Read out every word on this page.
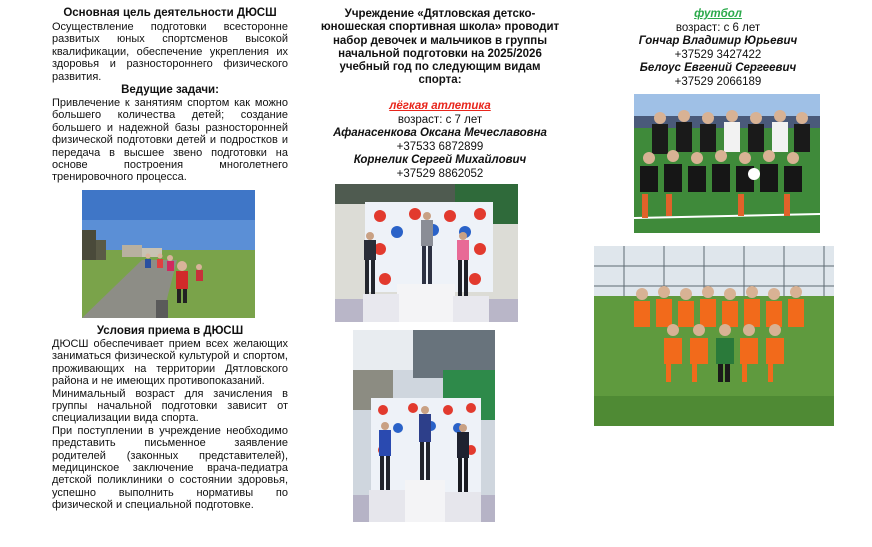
Основная цель деятельности ДЮСШ
Осуществление подготовки всесторонне развитых юных спортсменов высокой квалификации, обеспечение укрепления их здоровья и разностороннего физического развития.
Ведущие задачи:
Привлечение к занятиям спортом как можно большего количества детей; создание большего и надежной базы разносторонней физической подготовки детей и подростков и передача в высшее звено подготовки на основе построения многолетнего тренировочного процесса.
Условия приема в ДЮСШ
ДЮСШ обеспечивает прием всех желающих заниматься физической культурой и спортом, проживающих на территории Дятловского района и не имеющих противопоказаний.
Минимальный возраст для зачисления в группы начальной подготовки зависит от специализации вида спорта.
При поступлении в учреждение необходимо представить письменное заявление родителей (законных представителей), медицинское заключение врача-педиатра детской поликлиники о состоянии здоровья, успешно выполнить нормативы по физической и специальной подготовке.
Учреждение «Дятловская детско-юношеская спортивная школа» проводит набор девочек и мальчиков в группы начальной подготовки на 2025/2026 учебный год по следующим видам спорта:
лёгкая атлетика
возраст: с 7 лет
Афанасенкова Оксана Мечеславовна
+37533 6872899
Корнелик Сергей Михайлович
+37529 8862052
футбол
возраст: с 6 лет
Гончар Владимир Юрьевич
+37529 3427422
Белоус Евгений Сергеевич
+37529 2066189
